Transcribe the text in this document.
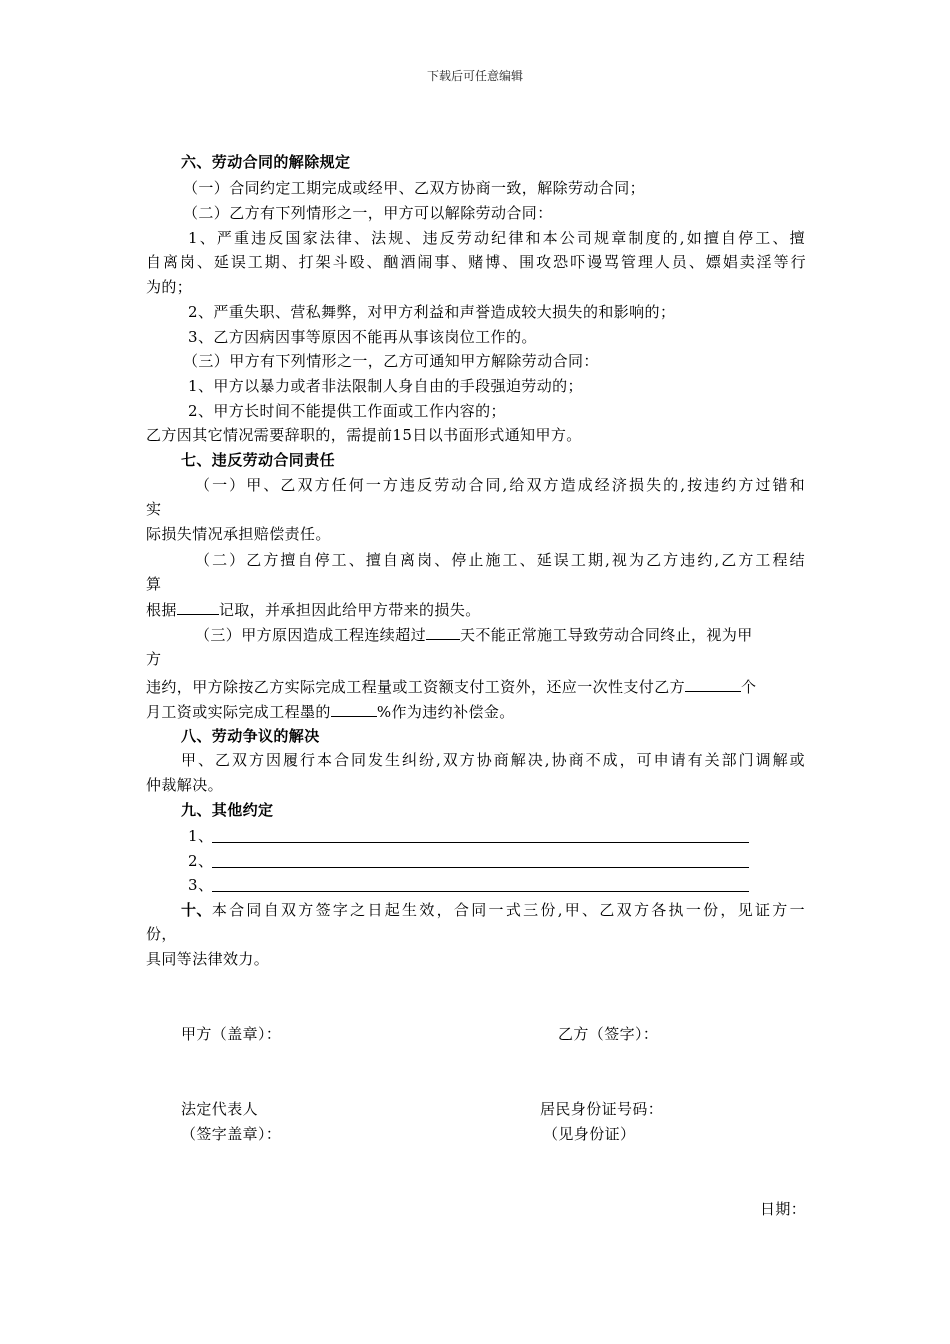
下载后可任意编辑
六、劳动合同的解除规定
（一）合同约定工期完成或经甲、乙双方协商一致，解除劳动合同；
（二）乙方有下列情形之一，甲方可以解除劳动合同：
1、严重违反国家法律、法规、违反劳动纪律和本公司规章制度的,如擅自停工、擅
自离岗、延误工期、打架斗殴、酗酒闹事、赌博、围攻恐吓谩骂管理人员、嫖娼卖淫等行
为的；
2、严重失职、营私舞弊，对甲方利益和声誉造成较大损失的和影响的；
3、乙方因病因事等原因不能再从事该岗位工作的。
（三）甲方有下列情形之一，乙方可通知甲方解除劳动合同：
1、甲方以暴力或者非法限制人身自由的手段强迫劳动的；
2、甲方长时间不能提供工作面或工作内容的；
乙方因其它情况需要辞职的，需提前15日以书面形式通知甲方。
七、违反劳动合同责任
（一）甲、乙双方任何一方违反劳动合同,给双方造成经济损失的,按违约方过错和
实
际损失情况承担赔偿责任。
（二）乙方擅自停工、擅自离岗、停止施工、延误工期,视为乙方违约,乙方工程结
算
根据	记取，并承担因此给甲方带来的损失。
（三）甲方原因造成工程连续超过 天不能正常施工导致劳动合同终止，视为甲
方
违约，甲方除按乙方实际完成工程量或工资额支付工资外，还应一次性支付乙方	个
月工资或实际完成工程墨的	%作为违约补偿金。
八、劳动争议的解决
甲、乙双方因履行本合同发生纠纷,双方协商解决,协商不成，可申请有关部门调解或
仲裁解决。
九、其他约定
1、
2、
3、
十、 本合同自双方签字之日起生效，合同一式三份,甲、乙双方各执一份，见证方一
份，
具同等法律效力。
甲方（盖章）：	乙方（签字）：
法定代表人	居民身份证号码：
（签字盖章）：	（见身份证）
日期：
